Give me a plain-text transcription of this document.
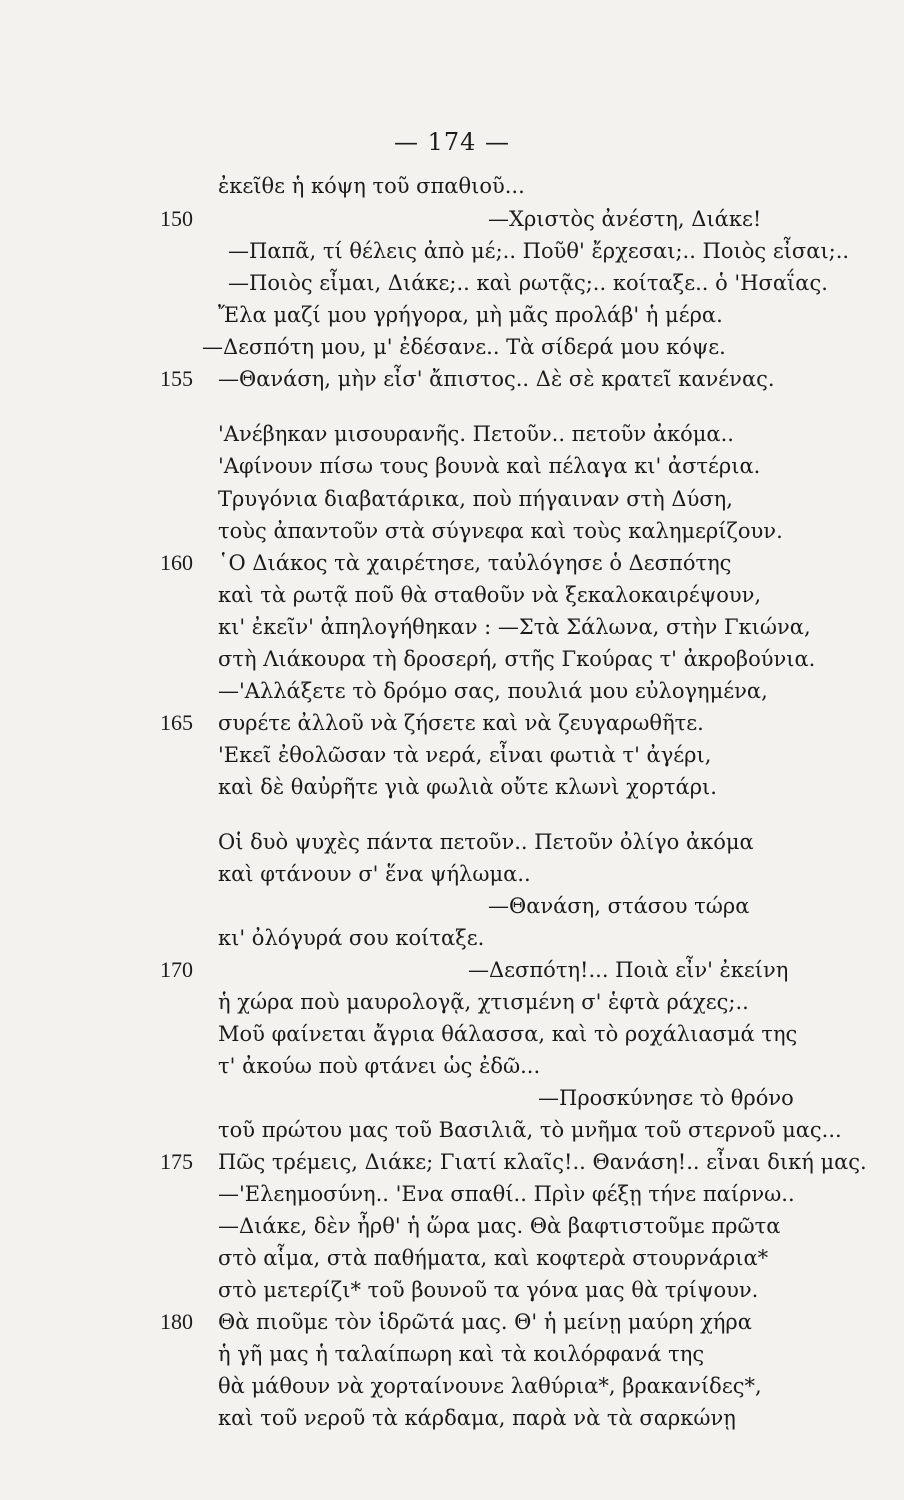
— 174 —
ἐκεῖθε ἡ κόψη τοῦ σπαθιοῦ...
150	—Χριστὸς ἀνέστη, Διάκε!
—Παπᾶ, τί θέλεις ἀπὸ μέ;.. Ποῦθ' ἔρχεσαι;.. Ποιὸς εἶσαι;..
—Ποιὸς εἶμαι, Διάκε;.. καὶ ρωτᾷς;.. κοίταξε.. ὁ 'Ησαΐας.
Ἔλα μαζί μου γρήγορα, μὴ μᾶς προλάβ' ἡ μέρα.
—Δεσπότη μου, μ' ἐδέσανε.. Τὰ σίδερά μου κόψε.
155	—Θανάση, μὴν εἶσ' ἄπιστος.. Δὲ σὲ κρατεῖ κανένας.
'Ανέβηκαν μισουρανῆς. Πετοῦν.. πετοῦν ἀκόμα..
'Αφίνουν πίσω τους βουνὰ καὶ πέλαγα κι' ἀστέρια.
Τρυγόνια διαβατάρικα, ποὺ πήγαιναν στὴ Δύση,
τοὺς ἀπαντοῦν στὰ σύγνεφα καὶ τοὺς καλημερίζουν.
160	῾Ο Διάκος τὰ χαιρέτησε, ταὐλόγησε ὁ Δεσπότης
καὶ τὰ ρωτᾷ ποῦ θὰ σταθοῦν νὰ ξεκαλοκαιρέψουν,
κι' ἐκεῖν' ἀπηλογήθηκαν : —Στὰ Σάλωνα, στὴν Γκιώνα,
στὴ Λιάκουρα τὴ δροσερή, στῆς Γκούρας τ' ἀκροβούνια.
—'Αλλάξετε τὸ δρόμο σας, πουλιά μου εὐλογημένα,
165	συρέτε ἀλλοῦ νὰ ζήσετε καὶ νὰ ζευγαρωθῆτε.
'Εκεῖ ἐθολῶσαν τὰ νερά, εἶναι φωτιὰ τ' ἀγέρι,
καὶ δὲ θαὐρῆτε γιὰ φωλιὰ οὔτε κλωνὶ χορτάρι.
Οἱ δυὸ ψυχὲς πάντα πετοῦν.. Πετοῦν ὀλίγο ἀκόμα
καὶ φτάνουν σ' ἕνα ψήλωμα..
—Θανάση, στάσου τώρα
κι' ὀλόγυρά σου κοίταξε.
170	—Δεσπότη!... Ποιὰ εἶν' ἐκείνη
ἡ χώρα ποὺ μαυρολογᾷ, χτισμένη σ' ἑφτὰ ράχες;..
Μοῦ φαίνεται ἄγρια θάλασσα, καὶ τὸ ροχάλιασμά της
τ' ἀκούω ποὺ φτάνει ὡς ἐδῶ...
—Προσκύνησε τὸ θρόνο
τοῦ πρώτου μας τοῦ Βασιλιᾶ, τὸ μνῆμα τοῦ στερνοῦ μας...
175	Πῶς τρέμεις, Διάκε; Γιατί κλαῖς!.. Θανάση!.. εἶναι δική μας.
—'Ελεημοσύνη.. 'Ενα σπαθί.. Πρὶν φέξῃ τήνε παίρνω..
—Διάκε, δὲν ἦρθ' ἡ ὥρα μας. Θὰ βαφτιστοῦμε πρῶτα
στὸ αἷμα, στὰ παθήματα, καὶ κοφτερὰ στουρνάρια*
στὸ μετερίζι* τοῦ βουνοῦ τα γόνα μας θὰ τρίψουν.
180	Θὰ πιοῦμε τὸν ἱδρῶτά μας. Θ' ἡ μείνῃ μαύρη χήρα
ἡ γῆ μας ἡ ταλαίπωρη καὶ τὰ κοιλόρφανά της
θὰ μάθουν νὰ χορταίνουνε λαθύρια*, βρακανίδες*,
καὶ τοῦ νεροῦ τὰ κάρδαμα, παρὰ νὰ τὰ σαρκώνῃ
